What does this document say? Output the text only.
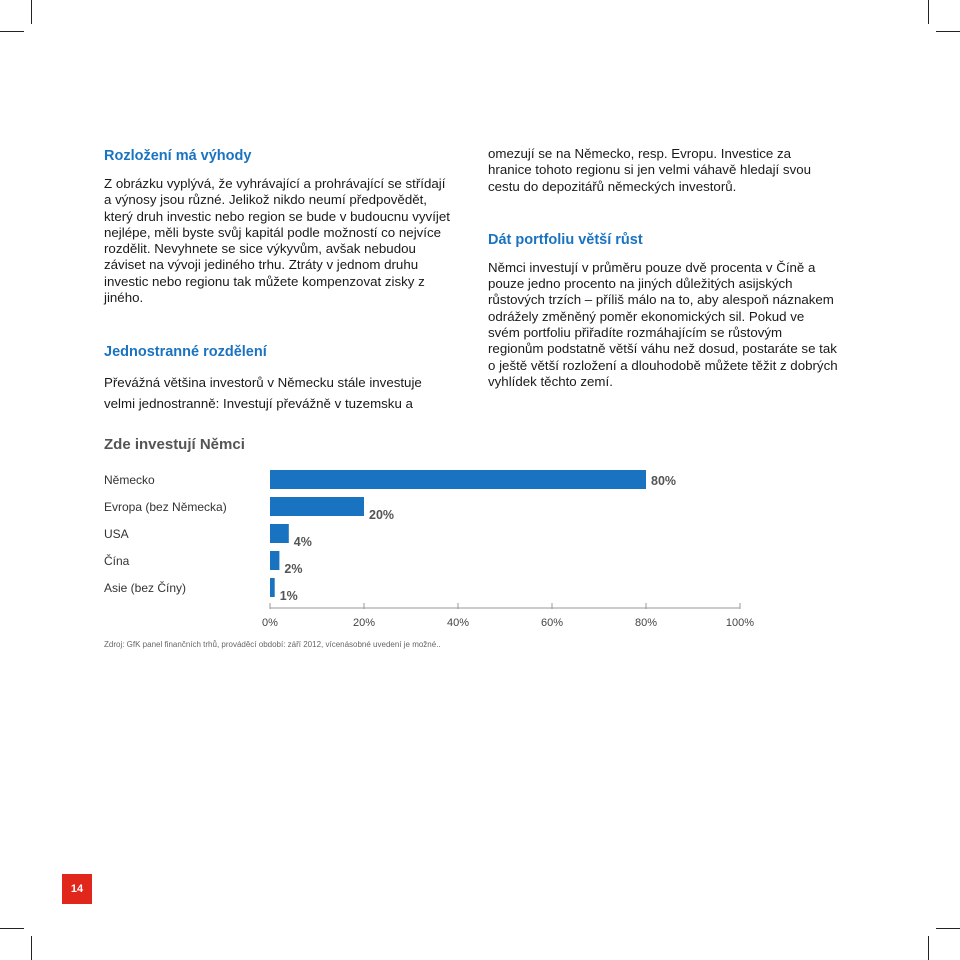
Rozložení má výhody

Z obrázku vyplývá, že vyhrávající a prohrávající se střídají a výnosy jsou různé. Jelikož nikdo neumí předpovědět, který druh investic nebo region se bude v budoucnu vyvíjet nejlépe, měli byste svůj kapitál podle možností co nejvíce rozdělit. Nevyhnete se sice výkyvům, avšak nebudou záviset na vývoji jediného trhu. Ztráty v jednom druhu investic nebo regionu tak můžete kompenzovat zisky z jiného.

Jednostranné rozdělení

Převážná většina investorů v Německu stále investuje velmi jednostranně: Investují převážně v tuzemsku a

omezují se na Německo, resp. Evropu. Investice za hranice tohoto regionu si jen velmi váhavě hledají svou cestu do depozitářů německých investorů.

Dát portfoliu větší růst

Němci investují v průměru pouze dvě procenta v Číně a pouze jedno procento na jiných důležitých asijských růstových trzích – příliš málo na to, aby alespoň náznakem odrážely změněný poměr ekonomických sil. Pokud ve svém portfoliu přiřadíte rozmáhajícím se růstovým regionům podstatně větší váhu než dosud, postaráte se tak o ještě větší rozložení a dlouhodobě můžete těžit z dobrých vyhlídek těchto zemí.

Zde investují Němci
Německo	80%
Evropa (bez Německa)
20%
USA
4%
Čína
2%
Asie (bez Číny)
1%
0%	20%	40%	60%	80%	100%
Zdroj: GfK panel finančních trhů, prováděcí období: září 2012, vícenásobné uvedení je možné..
14
